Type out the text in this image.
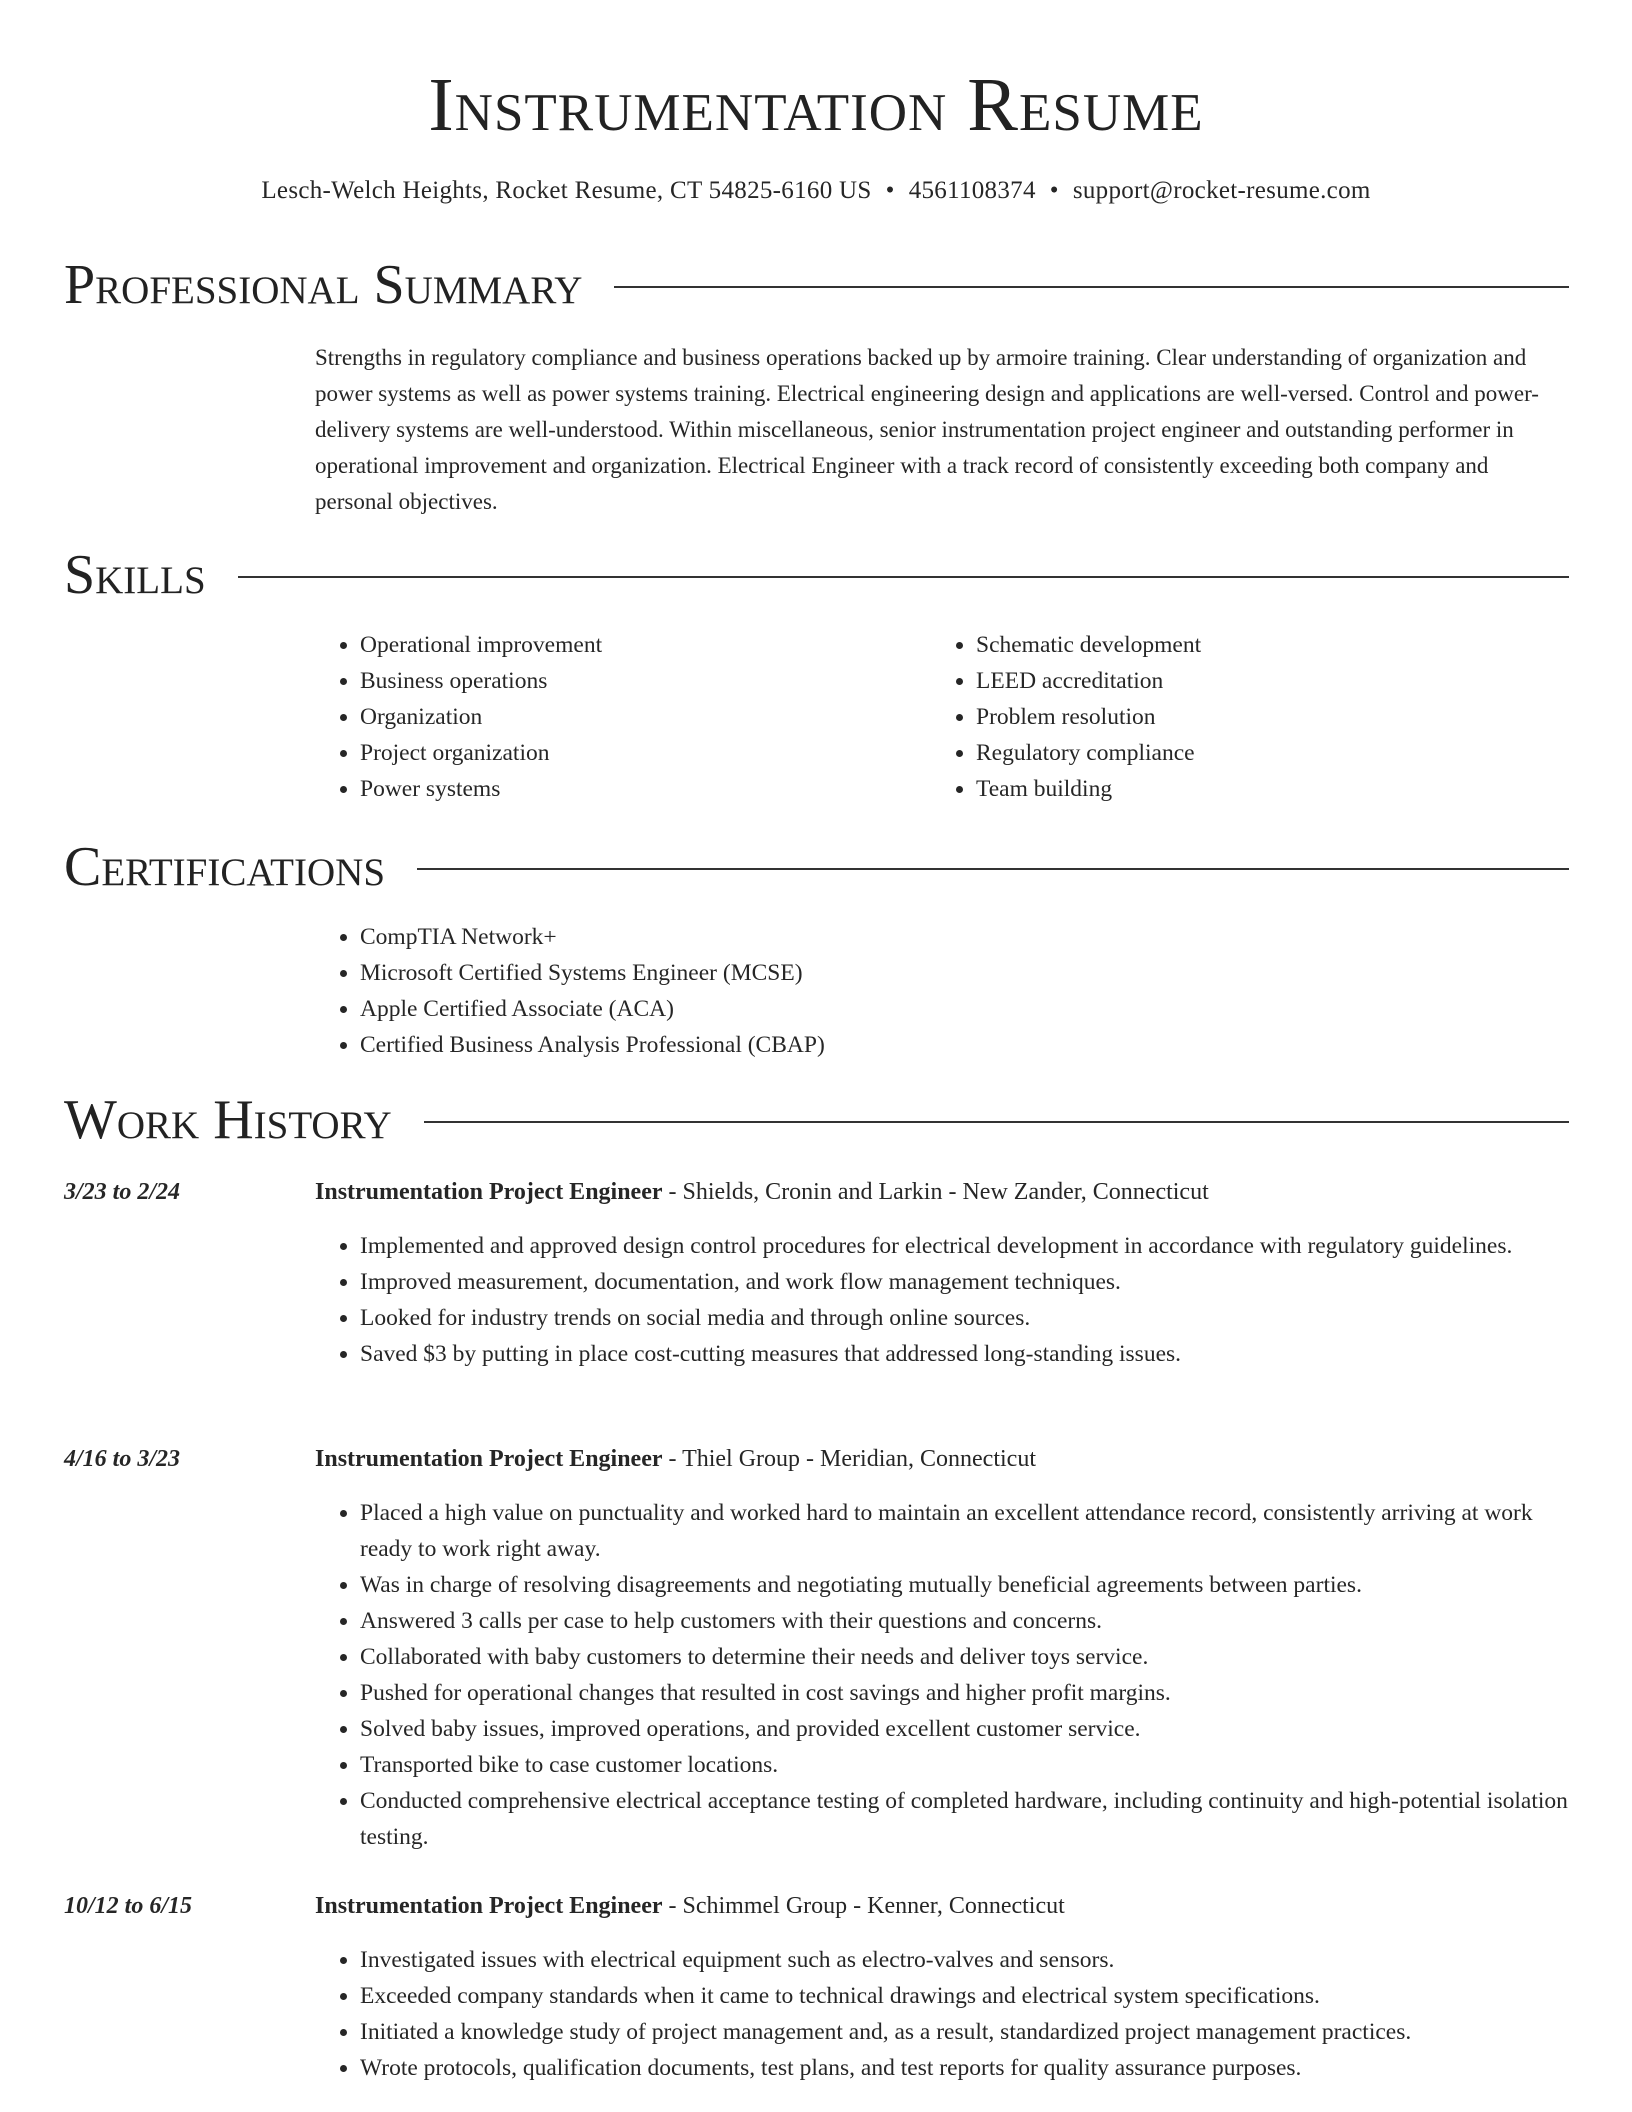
Instrumentation Resume
Lesch-Welch Heights, Rocket Resume, CT 54825-6160 US • 4561108374 • support@rocket-resume.com
Professional Summary

Strengths in regulatory compliance and business operations backed up by armoire training. Clear understanding of organization and power systems as well as power systems training. Electrical engineering design and applications are well-versed. Control and power-delivery systems are well-understood. Within miscellaneous, senior instrumentation project engineer and outstanding performer in operational improvement and organization. Electrical Engineer with a track record of consistently exceeding both company and personal objectives.

Skills
• Operational improvement
• Business operations
• Organization
• Project organization
• Power systems
• Schematic development
• LEED accreditation
• Problem resolution
• Regulatory compliance
• Team building
Certifications
• CompTIA Network+
• Microsoft Certified Systems Engineer (MCSE)
• Apple Certified Associate (ACA)
• Certified Business Analysis Professional (CBAP)
Work History
3/23 to 2/24	Instrumentation Project Engineer - Shields, Cronin and Larkin - New Zander, Connecticut
• Implemented and approved design control procedures for electrical development in accordance with regulatory guidelines.
• Improved measurement, documentation, and work flow management techniques.
• Looked for industry trends on social media and through online sources.
• Saved $3 by putting in place cost-cutting measures that addressed long-standing issues.
4/16 to 3/23	Instrumentation Project Engineer - Thiel Group - Meridian, Connecticut
• Placed a high value on punctuality and worked hard to maintain an excellent attendance record, consistently arriving at work ready to work right away.
• Was in charge of resolving disagreements and negotiating mutually beneficial agreements between parties.
• Answered 3 calls per case to help customers with their questions and concerns.
• Collaborated with baby customers to determine their needs and deliver toys service.
• Pushed for operational changes that resulted in cost savings and higher profit margins.
• Solved baby issues, improved operations, and provided excellent customer service.
• Transported bike to case customer locations.
• Conducted comprehensive electrical acceptance testing of completed hardware, including continuity and high-potential isolation testing.
10/12 to 6/15	Instrumentation Project Engineer - Schimmel Group - Kenner, Connecticut
• Investigated issues with electrical equipment such as electro-valves and sensors.
• Exceeded company standards when it came to technical drawings and electrical system specifications.
• Initiated a knowledge study of project management and, as a result, standardized project management practices.
• Wrote protocols, qualification documents, test plans, and test reports for quality assurance purposes.
